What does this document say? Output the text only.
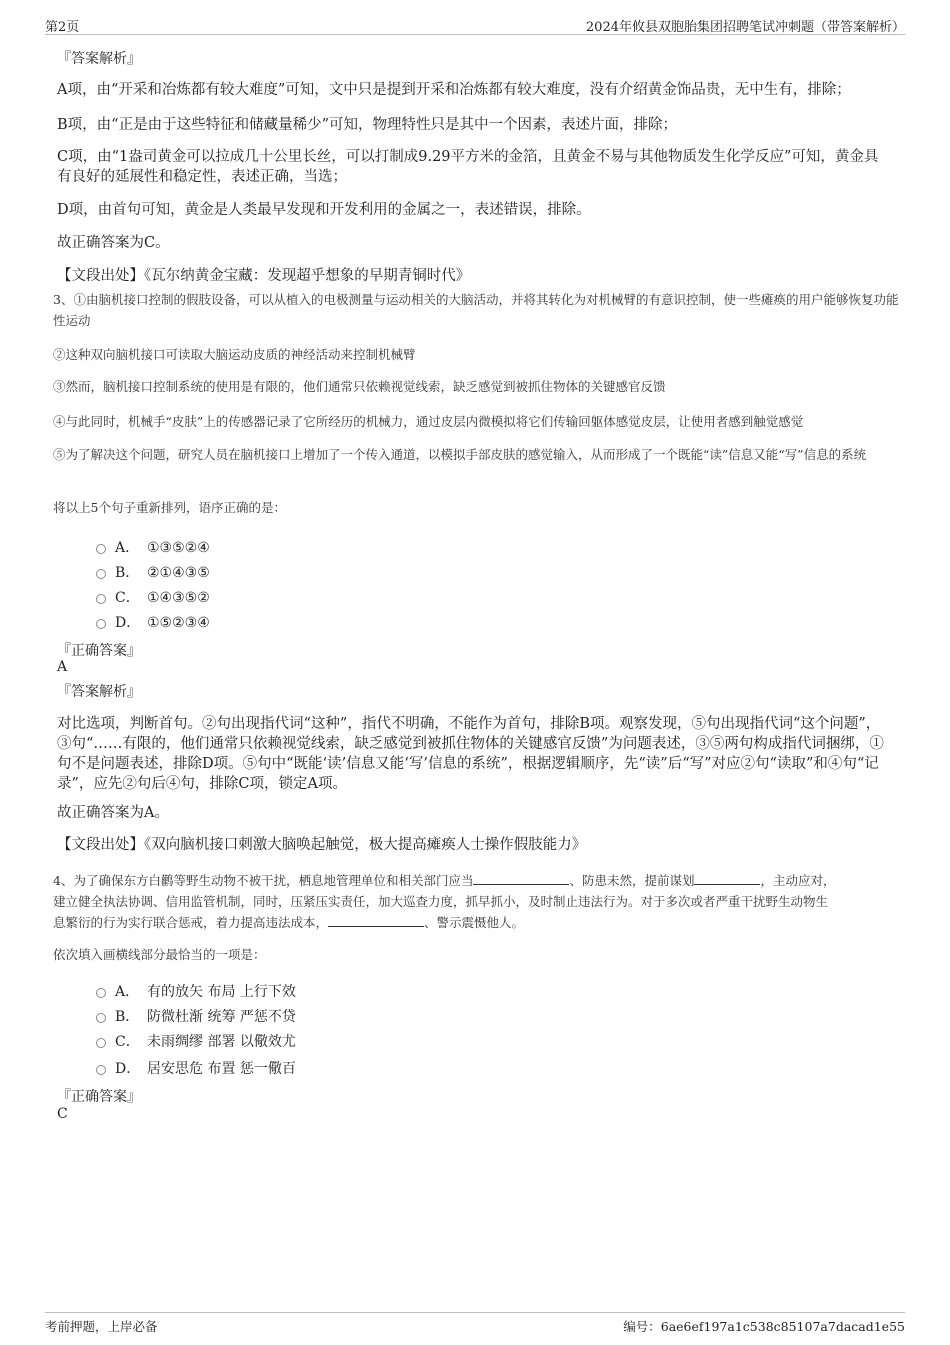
第2页	2024年攸县双胞胎集团招聘笔试冲刺题（带答案解析）
『答案解析』
A项，由“开采和冶炼都有较大难度”可知，文中只是提到开采和冶炼都有较大难度，没有介绍黄金饰品贵，无中生有，排除；
B项，由“正是由于这些特征和储藏量稀少”可知，物理特性只是其中一个因素，表述片面，排除；
C项，由“1盎司黄金可以拉成几十公里长丝，可以打制成9.29平方米的金箔，且黄金不易与其他物质发生化学反应”可知，黄金具有良好的延展性和稳定性，表述正确，当选；
D项，由首句可知，黄金是人类最早发现和开发利用的金属之一，表述错误，排除。
故正确答案为C。
【文段出处】《瓦尔纳黄金宝藏：发现超乎想象的早期青铜时代》
3、①由脑机接口控制的假肢设备，可以从植入的电极测量与运动相关的大脑活动，并将其转化为对机械臂的有意识控制，使一些瘫痪的用户能够恢复功能性运动
②这种双向脑机接口可读取大脑运动皮质的神经活动来控制机械臂
③然而，脑机接口控制系统的使用是有限的，他们通常只依赖视觉线索，缺乏感觉到被抓住物体的关键感官反馈
④与此同时，机械手“皮肤”上的传感器记录了它所经历的机械力，通过皮层内微模拟将它们传输回躯体感觉皮层，让使用者感到触觉感觉
⑤为了解决这个问题，研究人员在脑机接口上增加了一个传入通道，以模拟手部皮肤的感觉输入，从而形成了一个既能“读”信息又能“写”信息的系统
将以上5个句子重新排列，语序正确的是：
A． ①③⑤②④
B． ②①④③⑤
C． ①④③⑤②
D． ①⑤②③④
『正确答案』
A
『答案解析』
对比选项，判断首句。②句出现指代词“这种”，指代不明确，不能作为首句，排除B项。观察发现，⑤句出现指代词“这个问题”，③句“……有限的，他们通常只依赖视觉线索，缺乏感觉到被抓住物体的关键感官反馈”为问题表述，③⑤两句构成指代词捆绑，①句不是问题表述，排除D项。⑤句中“既能‘读’信息又能‘写’信息的系统”，根据逻辑顺序，先“读”后“写”对应②句“读取”和④句“记录”，应先②句后④句，排除C项，锁定A项。
故正确答案为A。
【文段出处】《双向脑机接口刺激大脑唤起触觉，极大提高瘫痪人士操作假肢能力》
4、为了确保东方白鹳等野生动物不被干扰，栖息地管理单位和相关部门应当	、防患未然，提前谋划	，主动应对，
建立健全执法协调、信用监管机制，同时，压紧压实责任，加大巡查力度，抓早抓小，及时制止违法行为。对于多次或者严重干扰野生动物生
息繁衍的行为实行联合惩戒，着力提高违法成本，	、警示震慑他人。
依次填入画横线部分最恰当的一项是：
A． 有的放矢 布局 上行下效
B． 防微杜渐 统筹 严惩不贷
C． 未雨绸缪 部署 以儆效尤
D． 居安思危 布置 惩一儆百
『正确答案』
C
考前押题，上岸必备	编号：6ae6ef197a1c538c85107a7dacad1e55
